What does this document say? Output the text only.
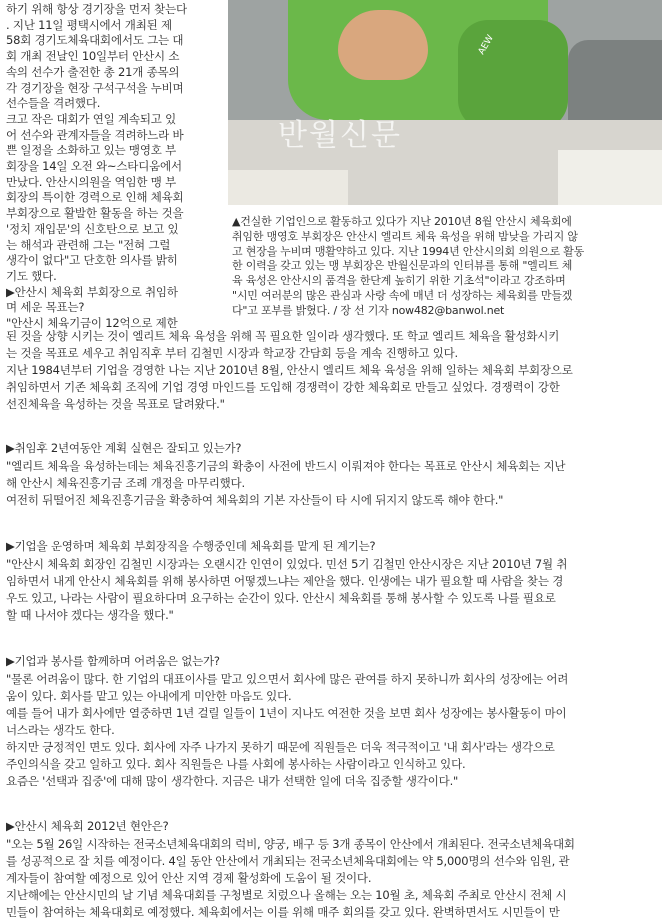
AEW
반월신문
하기 위해 항상 경기장을 먼저 찾는다
. 지난 11일 평택시에서 개최된 제
58회 경기도체육대회에서도 그는 대
회 개최 전날인 10일부터 안산시 소
속의 선수가 출전한 총 21개 종목의
각 경기장을 현장 구석구석을 누비며
선수들을 격려했다.
크고 작은 대회가 연일 계속되고 있
어 선수와 관계자들을 격려하느라 바
쁜 일정을 소화하고 있는 맹영호 부
회장을 14일 오전 와~스타디움에서
만났다. 안산시의원을 역임한 맹 부
회장의 특이한 경력으로 인해 체육회
부회장으로 활발한 활동을 하는 것을
'정치 재입문'의 신호탄으로 보고 있
는 해석과 관련해 그는 "전혀 그럴
생각이 없다"고 단호한 의사를 밝히
기도 했다.
▶안산시 체육회 부회장으로 취임하
며 세운 목표는?
"안산시 체육기금이 12억으로 제한
▲건실한 기업인으로 활동하고 있다가 지난 2010년 8월 안산시 체육회에
취임한 맹영호 부회장은 안산시 엘리트 체육 육성을 위해 밤낮을 가리지 않
고 현장을 누비며 맹활약하고 있다. 지난 1994년 안산시의회 의원으로 활동
한 이력을 갖고 있는 맹 부회장은 반월신문과의 인터뷰를 통해 "엘리트 체
육 육성은 안산시의 품격을 한단계 높히기 위한 기초석"이라고 강조하며
"시민 여러분의 많은 관심과 사랑 속에 매년 더 성장하는 체육회를 만들겠
다"고 포부를 밝혔다. / 장 선 기자 now482@banwol.net
된 것을 상향 시키는 것이 엘리트 체육 육성을 위해 꼭 필요한 일이라 생각했다. 또 학교 엘리트 체육을 활성화시키
는 것을 목표로 세우고 취임직후 부터 김철민 시장과 학교장 간담회 등을 계속 진행하고 있다.
지난 1984년부터 기업을 경영한 나는 지난 2010년 8월, 안산시 엘리트 체육 육성을 위해 일하는 체육회 부회장으로
취임하면서 기존 체육회 조직에 기업 경영 마인드를 도입해 경쟁력이 강한 체육회로 만들고 싶었다. 경쟁력이 강한
선진체육을 육성하는 것을 목표로 달려왔다."
▶취임후 2년여동안 계획 실현은 잘되고 있는가?
"엘리트 체육을 육성하는데는 체육진흥기금의 확충이 사전에 반드시 이뤄져야 한다는 목표로 안산시 체육회는 지난
해 안산시 체육진흥기금 조례 개정을 마무리했다.
여전히 뒤떨어진 체육진흥기금을 확충하여 체육회의 기본 자산들이 타 시에 뒤지지 않도록 해야 한다."
▶기업을 운영하며 체육회 부회장직을 수행중인데 체육회를 맡게 된 계기는?
"안산시 체육회 회장인 김철민 시장과는 오랜시간 인연이 있었다. 민선 5기 김철민 안산시장은 지난 2010년 7월 취
임하면서 내게 안산시 체육회를 위해 봉사하면 어떻겠느냐는 제안을 했다. 인생에는 내가 필요할 때 사람을 찾는 경
우도 있고, 나라는 사람이 필요하다며 요구하는 순간이 있다. 안산시 체육회를 통해 봉사할 수 있도록 나를 필요로
할 때 나서야 겠다는 생각을 했다."
▶기업과 봉사를 함께하며 어려움은 없는가?
"물론 어려움이 많다. 한 기업의 대표이사를 맡고 있으면서 회사에 많은 관여를 하지 못하니까 회사의 성장에는 어려
움이 있다. 회사를 맡고 있는 아내에게 미안한 마음도 있다.
예를 들어 내가 회사에만 열중하면 1년 걸릴 일들이 1년이 지나도 여전한 것을 보면 회사 성장에는 봉사활동이 마이
너스라는 생각도 한다.
하지만 긍정적인 면도 있다. 회사에 자주 나가지 못하기 때문에 직원들은 더욱 적극적이고 '내 회사'라는 생각으로
주인의식을 갖고 일하고 있다. 회사 직원들은 나를 사회에 봉사하는 사람이라고 인식하고 있다.
요즘은 '선택과 집중'에 대해 많이 생각한다. 지금은 내가 선택한 일에 더욱 집중할 생각이다."
▶안산시 체육회 2012년 현안은?
"오는 5월 26일 시작하는 전국소년체육대회의 럭비, 양궁, 배구 등 3개 종목이 안산에서 개최된다. 전국소년체육대회
를 성공적으로 잘 치를 예정이다. 4일 동안 안산에서 개최되는 전국소년체육대회에는 약 5,000명의 선수와 임원, 관
계자들이 참여할 예정으로 있어 안산 지역 경제 활성화에 도움이 될 것이다.
지난해에는 안산시민의 날 기념 체육대회를 구청별로 치렀으나 올해는 오는 10월 초, 체육회 주최로 안산시 전체 시
민들이 참여하는 체육대회로 예정했다. 체육회에서는 이를 위해 매주 회의를 갖고 있다. 완벽하면서도 시민들이 만
